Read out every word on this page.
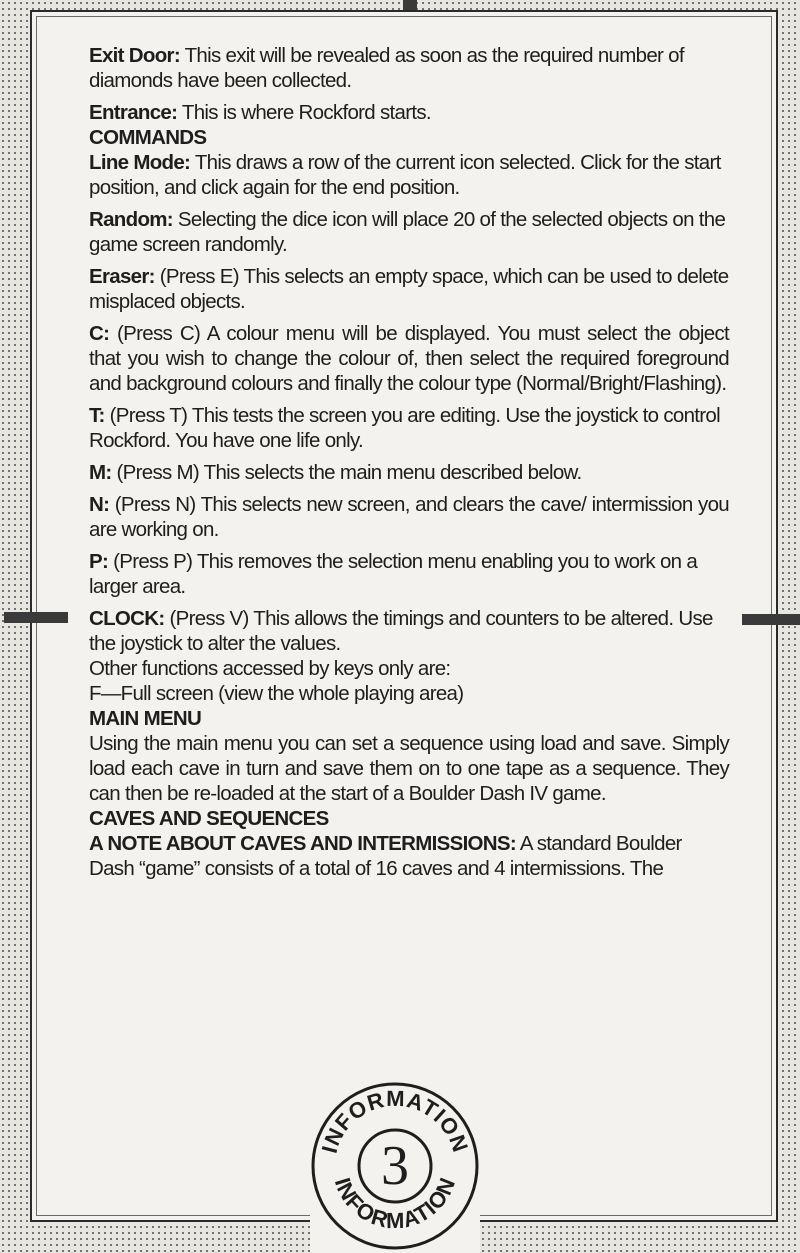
Exit Door: This exit will be revealed as soon as the required number of diamonds have been collected.

Entrance: This is where Rockford starts.

COMMANDS

Line Mode: This draws a row of the current icon selected. Click for the start position, and click again for the end position.

Random: Selecting the dice icon will place 20 of the selected objects on the game screen randomly.

Eraser: (Press E) This selects an empty space, which can be used to delete misplaced objects.

C: (Press C) A colour menu will be displayed. You must select the object that you wish to change the colour of, then select the required foreground and background colours and finally the colour type (Normal/Bright/Flashing).

T: (Press T) This tests the screen you are editing. Use the joystick to control Rockford. You have one life only.

M: (Press M) This selects the main menu described below.

N: (Press N) This selects new screen, and clears the cave/ intermission you are working on.

P: (Press P) This removes the selection menu enabling you to work on a larger area.

CLOCK: (Press V) This allows the timings and counters to be altered. Use the joystick to alter the values.

Other functions accessed by keys only are:

F—Full screen (view the whole playing area)

MAIN MENU

Using the main menu you can set a sequence using load and save. Simply load each cave in turn and save them on to one tape as a sequence. They can then be re-loaded at the start of a Boulder Dash IV game.

CAVES AND SEQUENCES

A NOTE ABOUT CAVES AND INTERMISSIONS: A standard Boulder Dash “game” consists of a total of 16 caves and 4 intermissions. The

INFORMATION
INFORMATION
3
